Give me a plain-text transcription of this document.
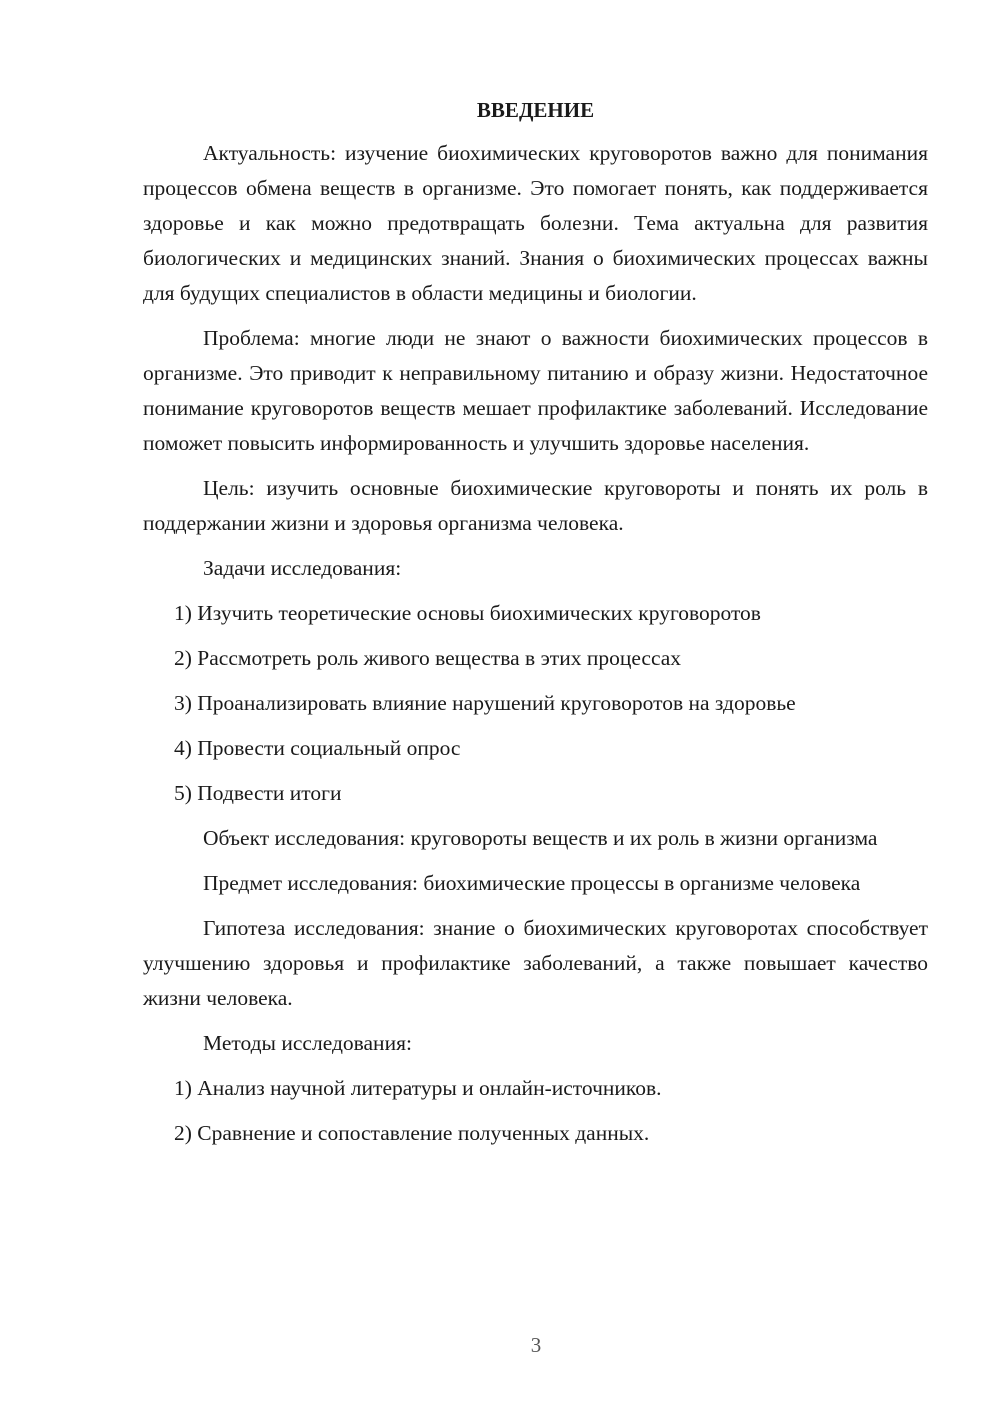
ВВЕДЕНИЕ

Актуальность: изучение биохимических круговоротов важно для понимания процессов обмена веществ в организме. Это помогает понять, как поддерживается здоровье и как можно предотвращать болезни. Тема актуальна для развития биологических и медицинских знаний. Знания о биохимических процессах важны для будущих специалистов в области медицины и биологии.

Проблема: многие люди не знают о важности биохимических процессов в организме. Это приводит к неправильному питанию и образу жизни. Недостаточное понимание круговоротов веществ мешает профилактике заболеваний. Исследование поможет повысить информированность и улучшить здоровье населения.

Цель: изучить основные биохимические круговороты и понять их роль в поддержании жизни и здоровья организма человека.

Задачи исследования:

1) Изучить теоретические основы биохимических круговоротов
2) Рассмотреть роль живого вещества в этих процессах
3) Проанализировать влияние нарушений круговоротов на здоровье
4) Провести социальный опрос
5) Подвести итоги

Объект исследования: круговороты веществ и их роль в жизни организма

Предмет исследования: биохимические процессы в организме человека

Гипотеза исследования: знание о биохимических круговоротах способствует улучшению здоровья и профилактике заболеваний, а также повышает качество жизни человека.

Методы исследования:

1) Анализ научной литературы и онлайн-источников.
2) Сравнение и сопоставление полученных данных.
3
